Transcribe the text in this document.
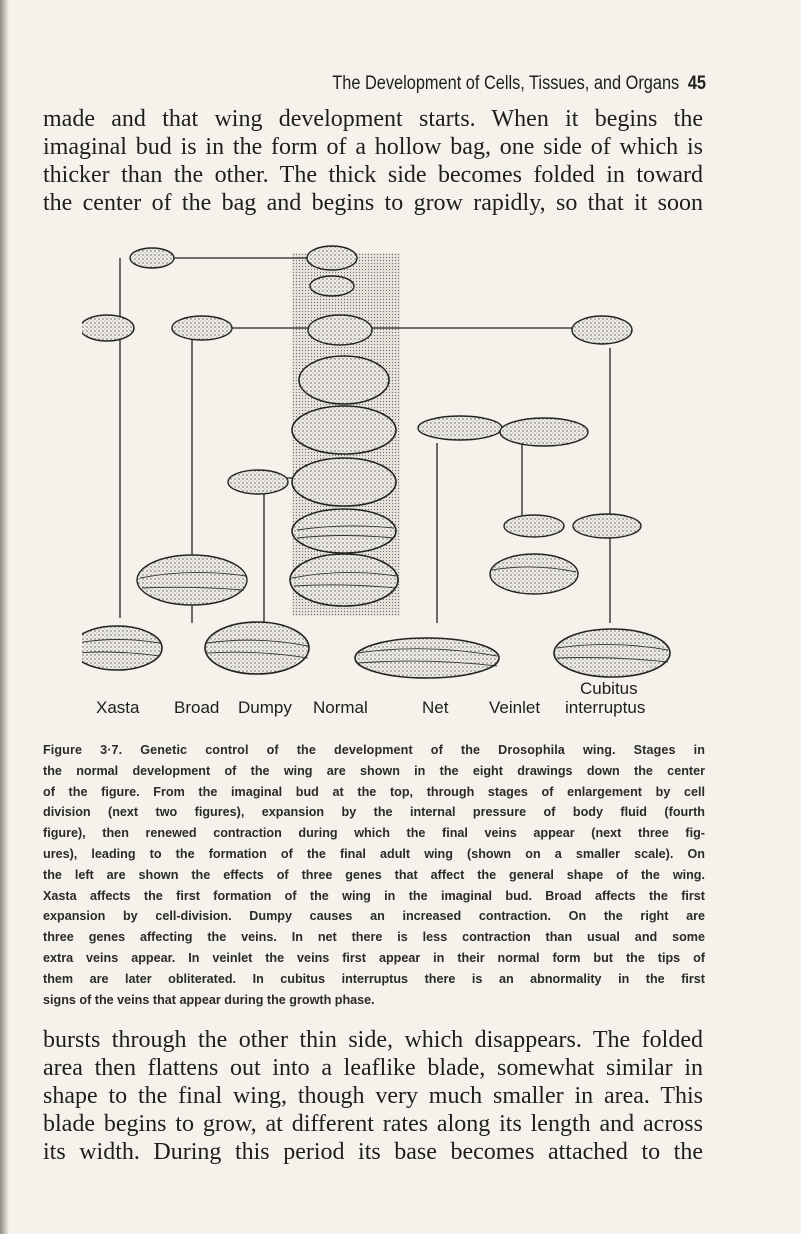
The Development of Cells, Tissues, and Organs 45
made and that wing development starts. When it begins the
imaginal bud is in the form of a hollow bag, one side of which is
thicker than the other. The thick side becomes folded in toward
the center of the bag and begins to grow rapidly, so that it soon
Xasta Broad Dumpy Normal	Net Veinlet
Cubitus
interruptus
Figure 3·7. Genetic control of the development of the Drosophila wing. Stages in
the normal development of the wing are shown in the eight drawings down the center
of the figure. From the imaginal bud at the top, through stages of enlargement by cell
division (next two figures), expansion by the internal pressure of body fluid (fourth
figure), then renewed contraction during which the final veins appear (next three fig-
ures), leading to the formation of the final adult wing (shown on a smaller scale). On
the left are shown the effects of three genes that affect the general shape of the wing.
Xasta affects the first formation of the wing in the imaginal bud. Broad affects the first
expansion by cell-division. Dumpy causes an increased contraction. On the right are
three genes affecting the veins. In net there is less contraction than usual and some
extra veins appear. In veinlet the veins first appear in their normal form but the tips of
them are later obliterated. In cubitus interruptus there is an abnormality in the first
signs of the veins that appear during the growth phase.
bursts through the other thin side, which disappears. The folded
area then flattens out into a leaflike blade, somewhat similar in
shape to the final wing, though very much smaller in area. This
blade begins to grow, at different rates along its length and across
its width. During this period its base becomes attached to the
